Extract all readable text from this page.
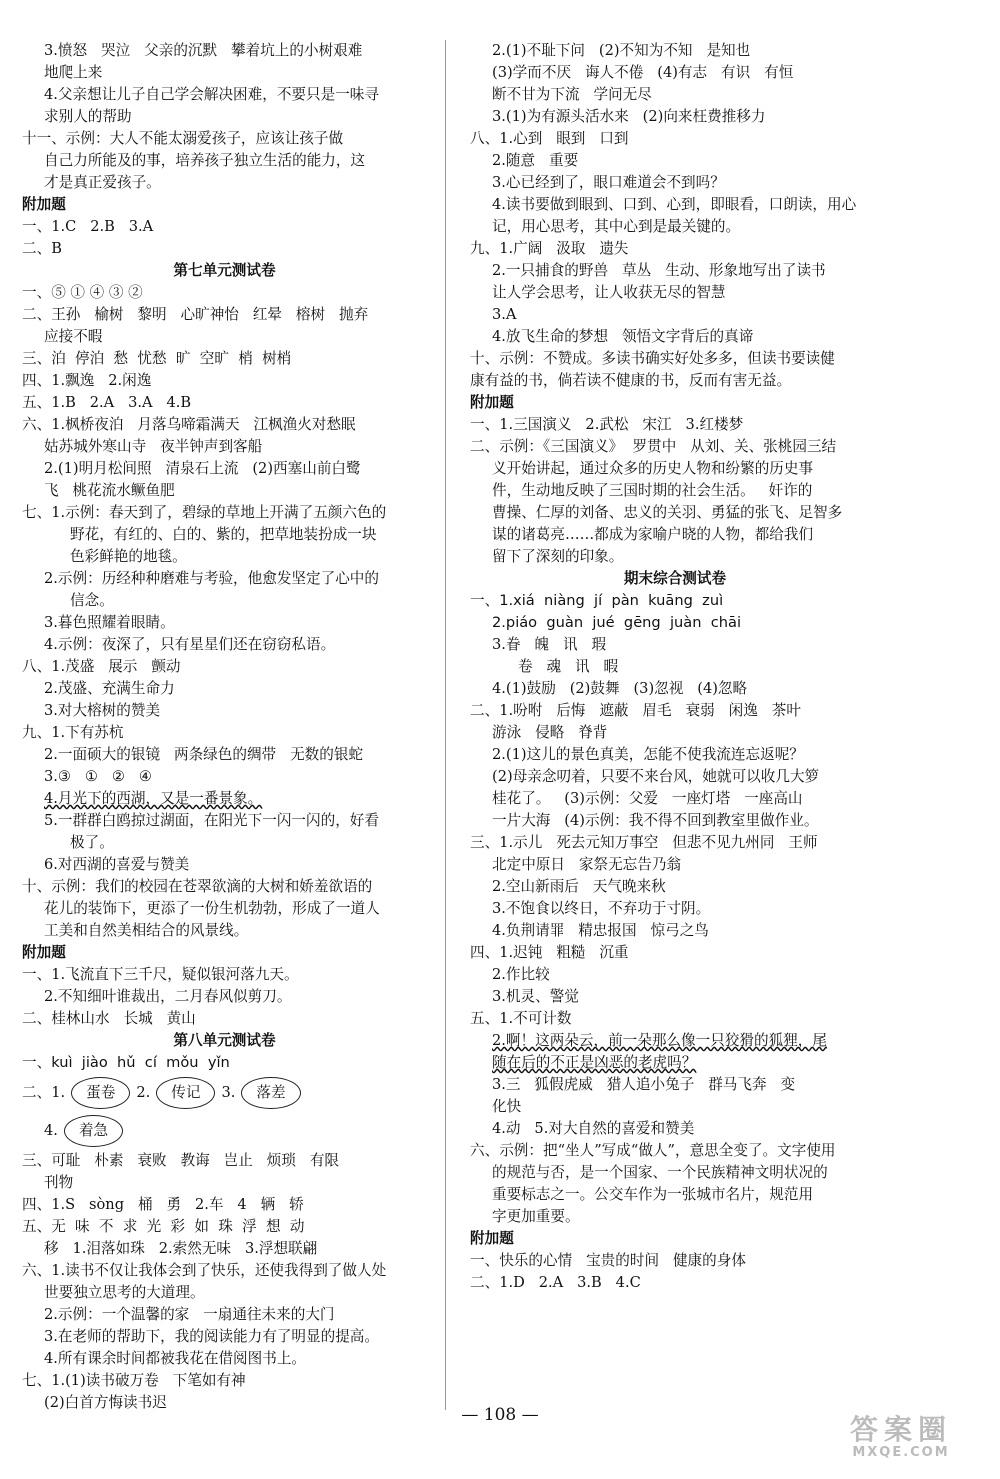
3.愤怒   哭泣   父亲的沉默   攀着坑上的小树艰难
地爬上来
4.父亲想让儿子自己学会解决困难，不要只是一味寻
求别人的帮助
十一、示例：大人不能太溺爱孩子，应该让孩子做
自己力所能及的事，培养孩子独立生活的能力，这
才是真正爱孩子。
附加题
一、1.C   2.B   3.A
二、B
第七单元测试卷
一、⑤ ① ④ ③ ②
二、王孙   榆树   黎明   心旷神怡   红晕   榕树   抛弃
应接不暇
三、泊  停泊  愁  忧愁  旷  空旷  梢  树梢
四、1.飘逸   2.闲逸
五、1.B   2.A   3.A   4.B
六、1.枫桥夜泊   月落乌啼霜满天   江枫渔火对愁眠
姑苏城外寒山寺   夜半钟声到客船
2.(1)明月松间照   清泉石上流   (2)西塞山前白鹭
飞   桃花流水鳜鱼肥
七、1.示例：春天到了，碧绿的草地上开满了五颜六色的
野花，有红的、白的、紫的，把草地装扮成一块
色彩鲜艳的地毯。
2.示例：历经种种磨难与考验，他愈发坚定了心中的
信念。
3.暮色照耀着眼睛。
4.示例：夜深了，只有星星们还在窃窃私语。
八、1.茂盛   展示   颤动
2.茂盛、充满生命力
3.对大榕树的赞美
九、1.下有苏杭
2.一面硕大的银镜   两条绿色的绸带   无数的银蛇
3.③   ①   ②   ④
4.月光下的西湖，又是一番景象。
5.一群群白鸥掠过湖面，在阳光下一闪一闪的，好看
极了。
6.对西湖的喜爱与赞美
十、示例：我们的校园在苍翠欲滴的大树和娇羞欲语的
花儿的装饰下，更添了一份生机勃勃，形成了一道人
工美和自然美相结合的风景线。
附加题
一、1.飞流直下三千尺，疑似银河落九天。
2.不知细叶谁裁出，二月春风似剪刀。
二、桂林山水   长城   黄山
第八单元测试卷
一、kuì  jiào  hǔ  cí  mǒu  yǐn
二、1. 蛋卷 2. 传记 3. 落差
4. 着急
三、可耻   朴素   衰败   教诲   岂止   烦琐   有限
刊物
四、1.S   sòng   桶   勇   2.车   4   辆   轿
五、无  味  不  求  光  彩  如  珠  浮  想  动
移   1.泪落如珠   2.索然无味   3.浮想联翩
六、1.读书不仅让我体会到了快乐，还使我得到了做人处
世要独立思考的大道理。
2.示例：一个温馨的家   一扇通往未来的大门
3.在老师的帮助下，我的阅读能力有了明显的提高。
4.所有课余时间都被我花在借阅图书上。
七、1.(1)读书破万卷   下笔如有神
(2)白首方悔读书迟
2.(1)不耻下问   (2)不知为不知   是知也
(3)学而不厌   诲人不倦   (4)有志   有识   有恒
断不甘为下流   学问无尽
3.(1)为有源头活水来   (2)向来枉费推移力
八、1.心到   眼到   口到
2.随意   重要
3.心已经到了，眼口难道会不到吗？
4.读书要做到眼到、口到、心到，即眼看，口朗读，用心
记，用心思考，其中心到是最关键的。
九、1.广阔   汲取   遗失
2.一只捕食的野兽   草丛   生动、形象地写出了读书
让人学会思考，让人收获无尽的智慧
3.A
4.放飞生命的梦想   领悟文字背后的真谛
十、示例：不赞成。多读书确实好处多多，但读书要读健
康有益的书，倘若读不健康的书，反而有害无益。
附加题
一、1.三国演义   2.武松   宋江   3.红楼梦
二、示例：《三国演义》  罗贯中   从刘、关、张桃园三结
义开始讲起，通过众多的历史人物和纷繁的历史事
件，生动地反映了三国时期的社会生活。   奸诈的
曹操、仁厚的刘备、忠义的关羽、勇猛的张飞、足智多
谋的诸葛亮……都成为家喻户晓的人物，都给我们
留下了深刻的印象。
期末综合测试卷
一、1.xiá  niàng  jí  pàn  kuāng  zuì
2.piáo  guàn  jué  gēng  juàn  chāi
3.眷   魄   讯   瑕
卷   魂   讯   暇
4.(1)鼓励   (2)鼓舞   (3)忽视   (4)忽略
二、1.吩咐   后悔   遮蔽   眉毛   衰弱   闲逸   茶叶
游泳   侵略   脊背
2.(1)这儿的景色真美，怎能不使我流连忘返呢？
(2)母亲念叨着，只要不来台风，她就可以收几大箩
桂花了。   (3)示例：父爱   一座灯塔   一座高山
一片大海   (4)示例：我不得不回到教室里做作业。
三、1.示儿   死去元知万事空   但悲不见九州同   王师
北定中原日   家祭无忘告乃翁
2.空山新雨后   天气晚来秋
3.不饱食以终日，不弃功于寸阴。
4.负荆请罪   精忠报国   惊弓之鸟
四、1.迟钝   粗糙   沉重
2.作比较
3.机灵、警觉
五、1.不可计数
2.啊！这两朵云，前一朵那么像一只狡猾的狐狸，尾
随在后的不正是凶恶的老虎吗？
3.三   狐假虎威   猎人追小兔子   群马飞奔   变
化快
4.动   5.对大自然的喜爱和赞美
六、示例：把“坐人”写成“做人”，意思全变了。文字使用
的规范与否，是一个国家、一个民族精神文明状况的
重要标志之一。公交车作为一张城市名片，规范用
字更加重要。
附加题
一、快乐的心情   宝贵的时间   健康的身体
二、1.D   2.A   3.B   4.C
— 108 —	答案圈
MXQE.COM
